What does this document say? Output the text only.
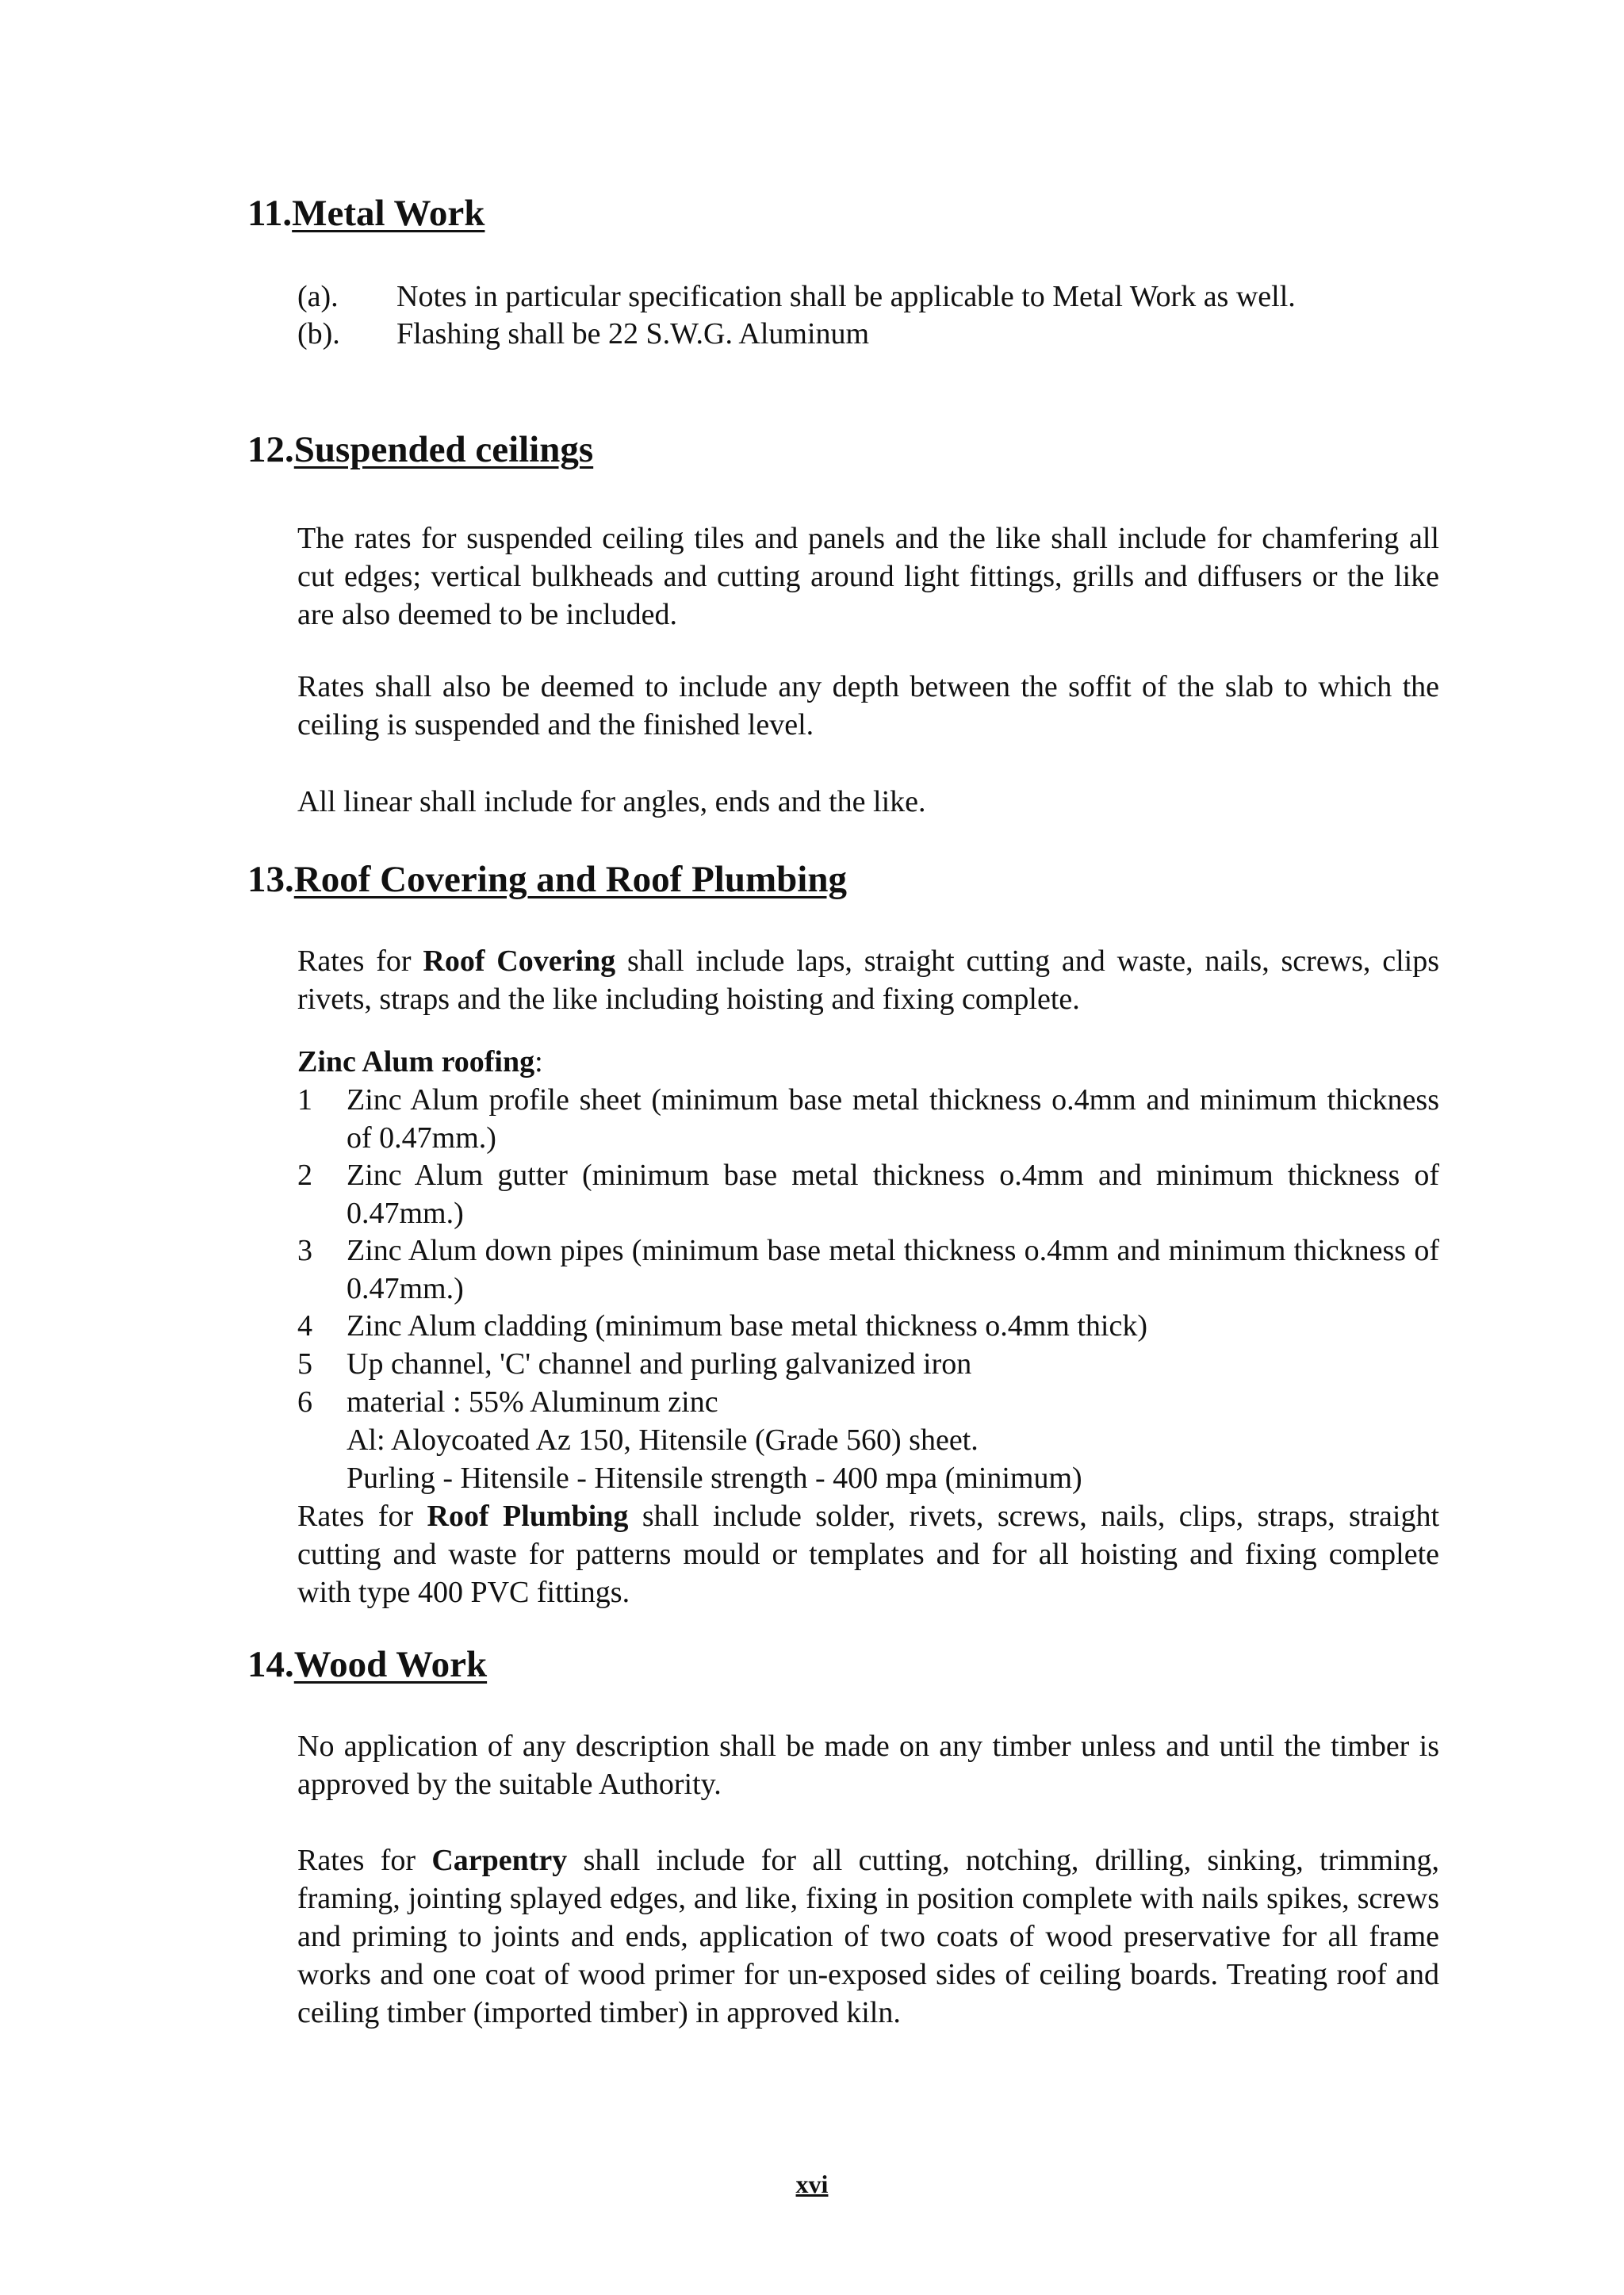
11.Metal Work
(a). Notes in particular specification shall be applicable to Metal Work as well.
(b). Flashing shall be 22 S.W.G. Aluminum
12.Suspended ceilings
The rates for suspended ceiling tiles and panels and the like shall include for chamfering all cut edges; vertical bulkheads and cutting around light fittings, grills and diffusers or the like are also deemed to be included.
Rates shall also be deemed to include any depth between the soffit of the slab to which the ceiling is suspended and the finished level.
All linear shall include for angles, ends and the like.
13.Roof Covering and Roof Plumbing
Rates for Roof Covering shall include laps, straight cutting and waste, nails, screws, clips rivets, straps and the like including hoisting and fixing complete.
Zinc Alum roofing:
1 Zinc Alum profile sheet (minimum base metal thickness o.4mm and minimum thickness of 0.47mm.)
2 Zinc Alum gutter (minimum base metal thickness o.4mm and minimum thickness of 0.47mm.)
3 Zinc Alum down pipes (minimum base metal thickness o.4mm and minimum thickness of 0.47mm.)
4 Zinc Alum cladding (minimum base metal thickness o.4mm thick)
5 Up channel, 'C' channel and purling galvanized iron
6 material : 55% Aluminum zinc
Al: Aloycoated Az 150, Hitensile (Grade 560) sheet.
Purling - Hitensile - Hitensile strength - 400 mpa (minimum)
Rates for Roof Plumbing shall include solder, rivets, screws, nails, clips, straps, straight cutting and waste for patterns mould or templates and for all hoisting and fixing complete with type 400 PVC fittings.
14.Wood Work
No application of any description shall be made on any timber unless and until the timber is approved by the suitable Authority.
Rates for Carpentry shall include for all cutting, notching, drilling, sinking, trimming, framing, jointing splayed edges, and like, fixing in position complete with nails spikes, screws and priming to joints and ends, application of two coats of wood preservative for all frame works and one coat of wood primer for un-exposed sides of ceiling boards. Treating roof and ceiling timber (imported timber) in approved kiln.
xvi
